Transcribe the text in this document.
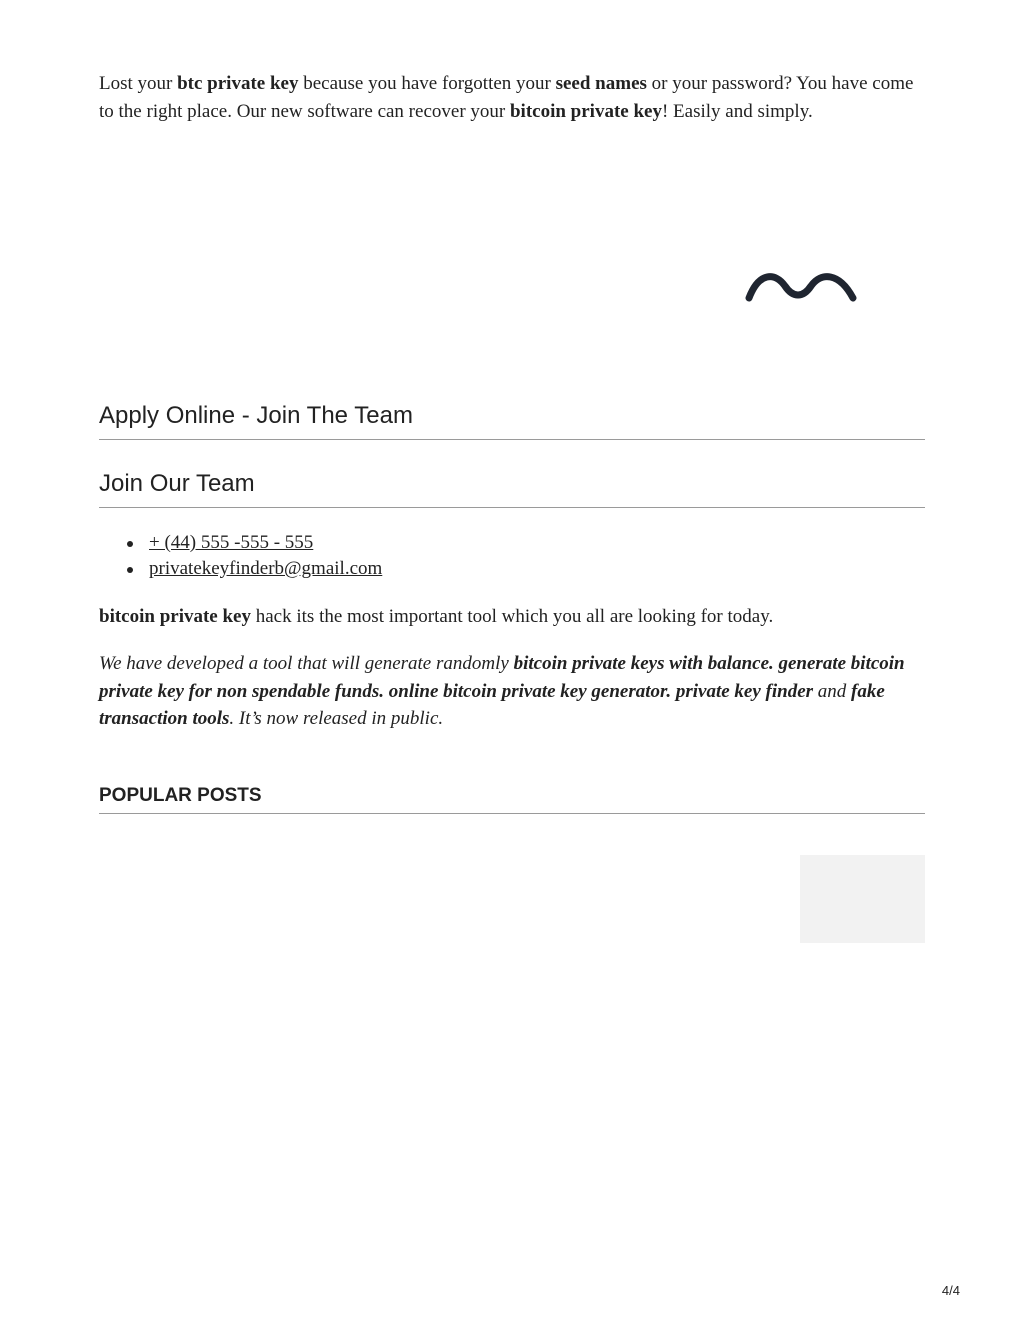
Lost your btc private key because you have forgotten your seed names or your password? You have come to the right place. Our new software can recover your bitcoin private key! Easily and simply.

Apply Online - Join The Team
Join Our Team
+ (44) 555 -555 - 555
privatekeyfinderb@gmail.com

bitcoin private key hack its the most important tool which you all are looking for today.

We have developed a tool that will generate randomly bitcoin private keys with balance. generate bitcoin private key for non spendable funds. online bitcoin private key generator. private key finder and fake transaction tools. It’s now released in public.

POPULAR POSTS
4/4
